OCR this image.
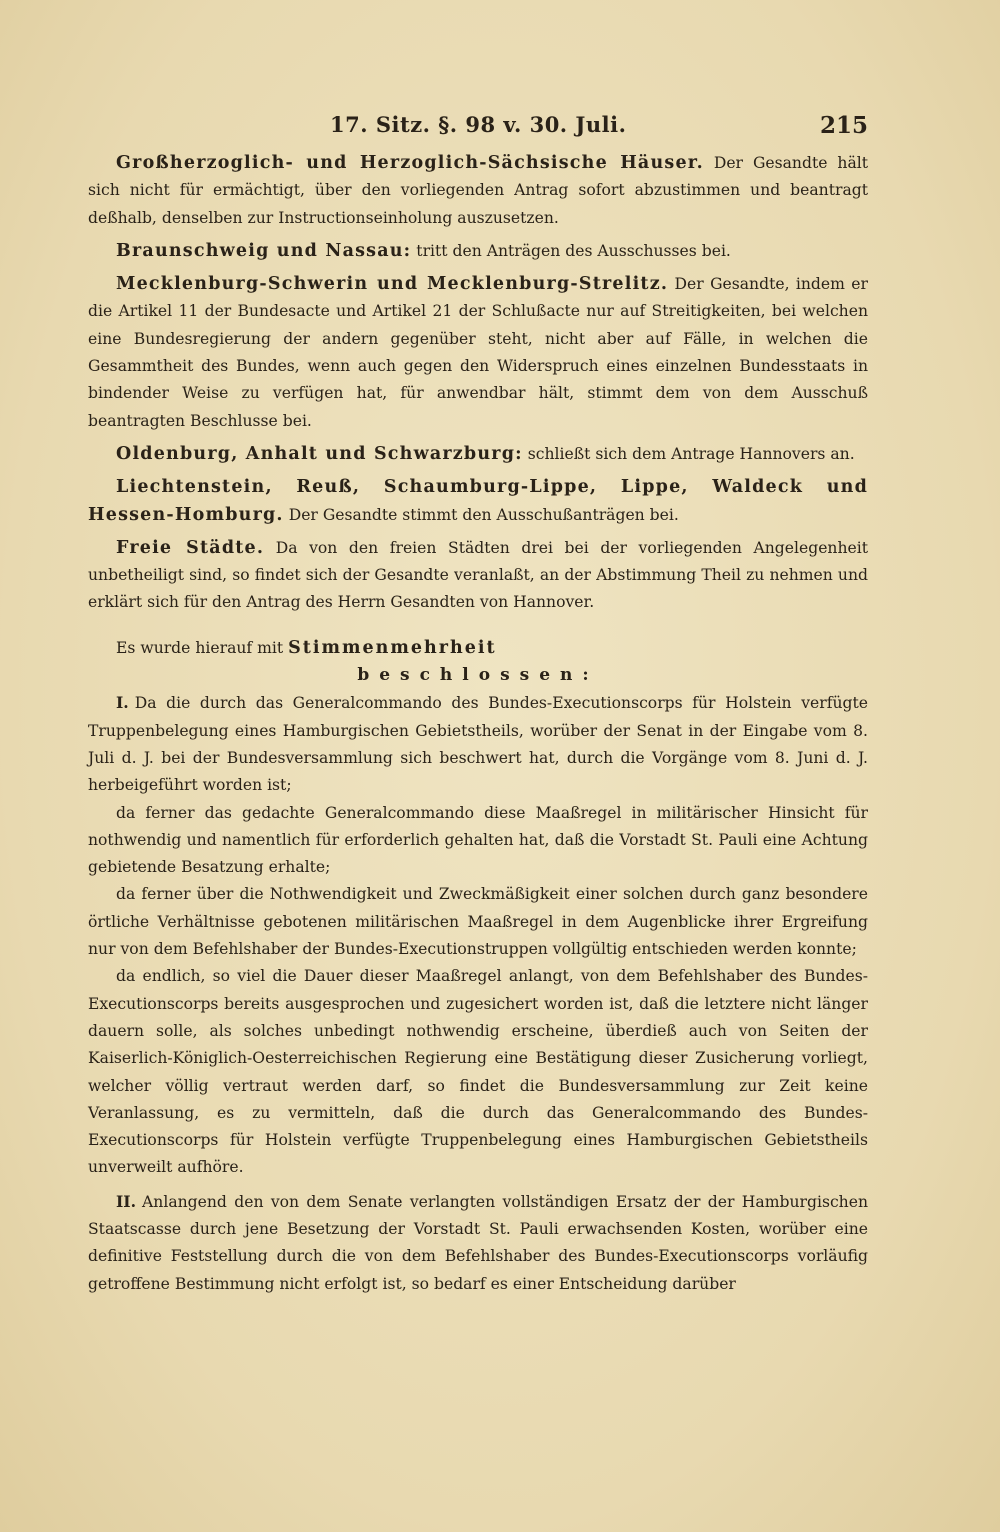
17. Sitz. §. 98 v. 30. Juli.	215

Großherzoglich- und Herzoglich-Sächsische Häuser. Der Gesandte hält sich nicht für ermächtigt, über den vorliegenden Antrag sofort abzustimmen und beantragt deßhalb, denselben zur Instructionseinholung auszusetzen.

Braunschweig und Nassau: tritt den Anträgen des Ausschusses bei.

Mecklenburg-Schwerin und Mecklenburg-Strelitz. Der Gesandte, indem er die Artikel 11 der Bundesacte und Artikel 21 der Schlußacte nur auf Streitigkeiten, bei welchen eine Bundesregierung der andern gegenüber steht, nicht aber auf Fälle, in welchen die Gesammtheit des Bundes, wenn auch gegen den Widerspruch eines einzelnen Bundesstaats in bindender Weise zu verfügen hat, für anwendbar hält, stimmt dem von dem Ausschuß beantragten Beschlusse bei.

Oldenburg, Anhalt und Schwarzburg: schließt sich dem Antrage Hannovers an.

Liechtenstein, Reuß, Schaumburg-Lippe, Lippe, Waldeck und Hessen-Homburg. Der Gesandte stimmt den Ausschußanträgen bei.

Freie Städte. Da von den freien Städten drei bei der vorliegenden Angelegenheit unbetheiligt sind, so findet sich der Gesandte veranlaßt, an der Abstimmung Theil zu nehmen und erklärt sich für den Antrag des Herrn Gesandten von Hannover.

Es wurde hierauf mit Stimmenmehrheit

beschlossen:

I. Da die durch das Generalcommando des Bundes-Executionscorps für Holstein verfügte Truppenbelegung eines Hamburgischen Gebietstheils, worüber der Senat in der Eingabe vom 8. Juli d. J. bei der Bundesversammlung sich beschwert hat, durch die Vorgänge vom 8. Juni d. J. herbeigeführt worden ist;

da ferner das gedachte Generalcommando diese Maaßregel in militärischer Hinsicht für nothwendig und namentlich für erforderlich gehalten hat, daß die Vorstadt St. Pauli eine Achtung gebietende Besatzung erhalte;

da ferner über die Nothwendigkeit und Zweckmäßigkeit einer solchen durch ganz besondere örtliche Verhältnisse gebotenen militärischen Maaßregel in dem Augenblicke ihrer Ergreifung nur von dem Befehlshaber der Bundes-Executionstruppen vollgültig entschieden werden konnte;

da endlich, so viel die Dauer dieser Maaßregel anlangt, von dem Befehlshaber des Bundes-Executionscorps bereits ausgesprochen und zugesichert worden ist, daß die letztere nicht länger dauern solle, als solches unbedingt nothwendig erscheine, überdieß auch von Seiten der Kaiserlich-Königlich-Oesterreichischen Regierung eine Bestätigung dieser Zusicherung vorliegt, welcher völlig vertraut werden darf, so findet die Bundesversammlung zur Zeit keine Veranlassung, es zu vermitteln, daß die durch das Generalcommando des Bundes-Executionscorps für Holstein verfügte Truppenbelegung eines Hamburgischen Gebietstheils unverweilt aufhöre.

II. Anlangend den von dem Senate verlangten vollständigen Ersatz der der Hamburgischen Staatscasse durch jene Besetzung der Vorstadt St. Pauli erwachsenden Kosten, worüber eine definitive Feststellung durch die von dem Befehlshaber des Bundes-Executionscorps vorläufig getroffene Bestimmung nicht erfolgt ist, so bedarf es einer Entscheidung darüber
